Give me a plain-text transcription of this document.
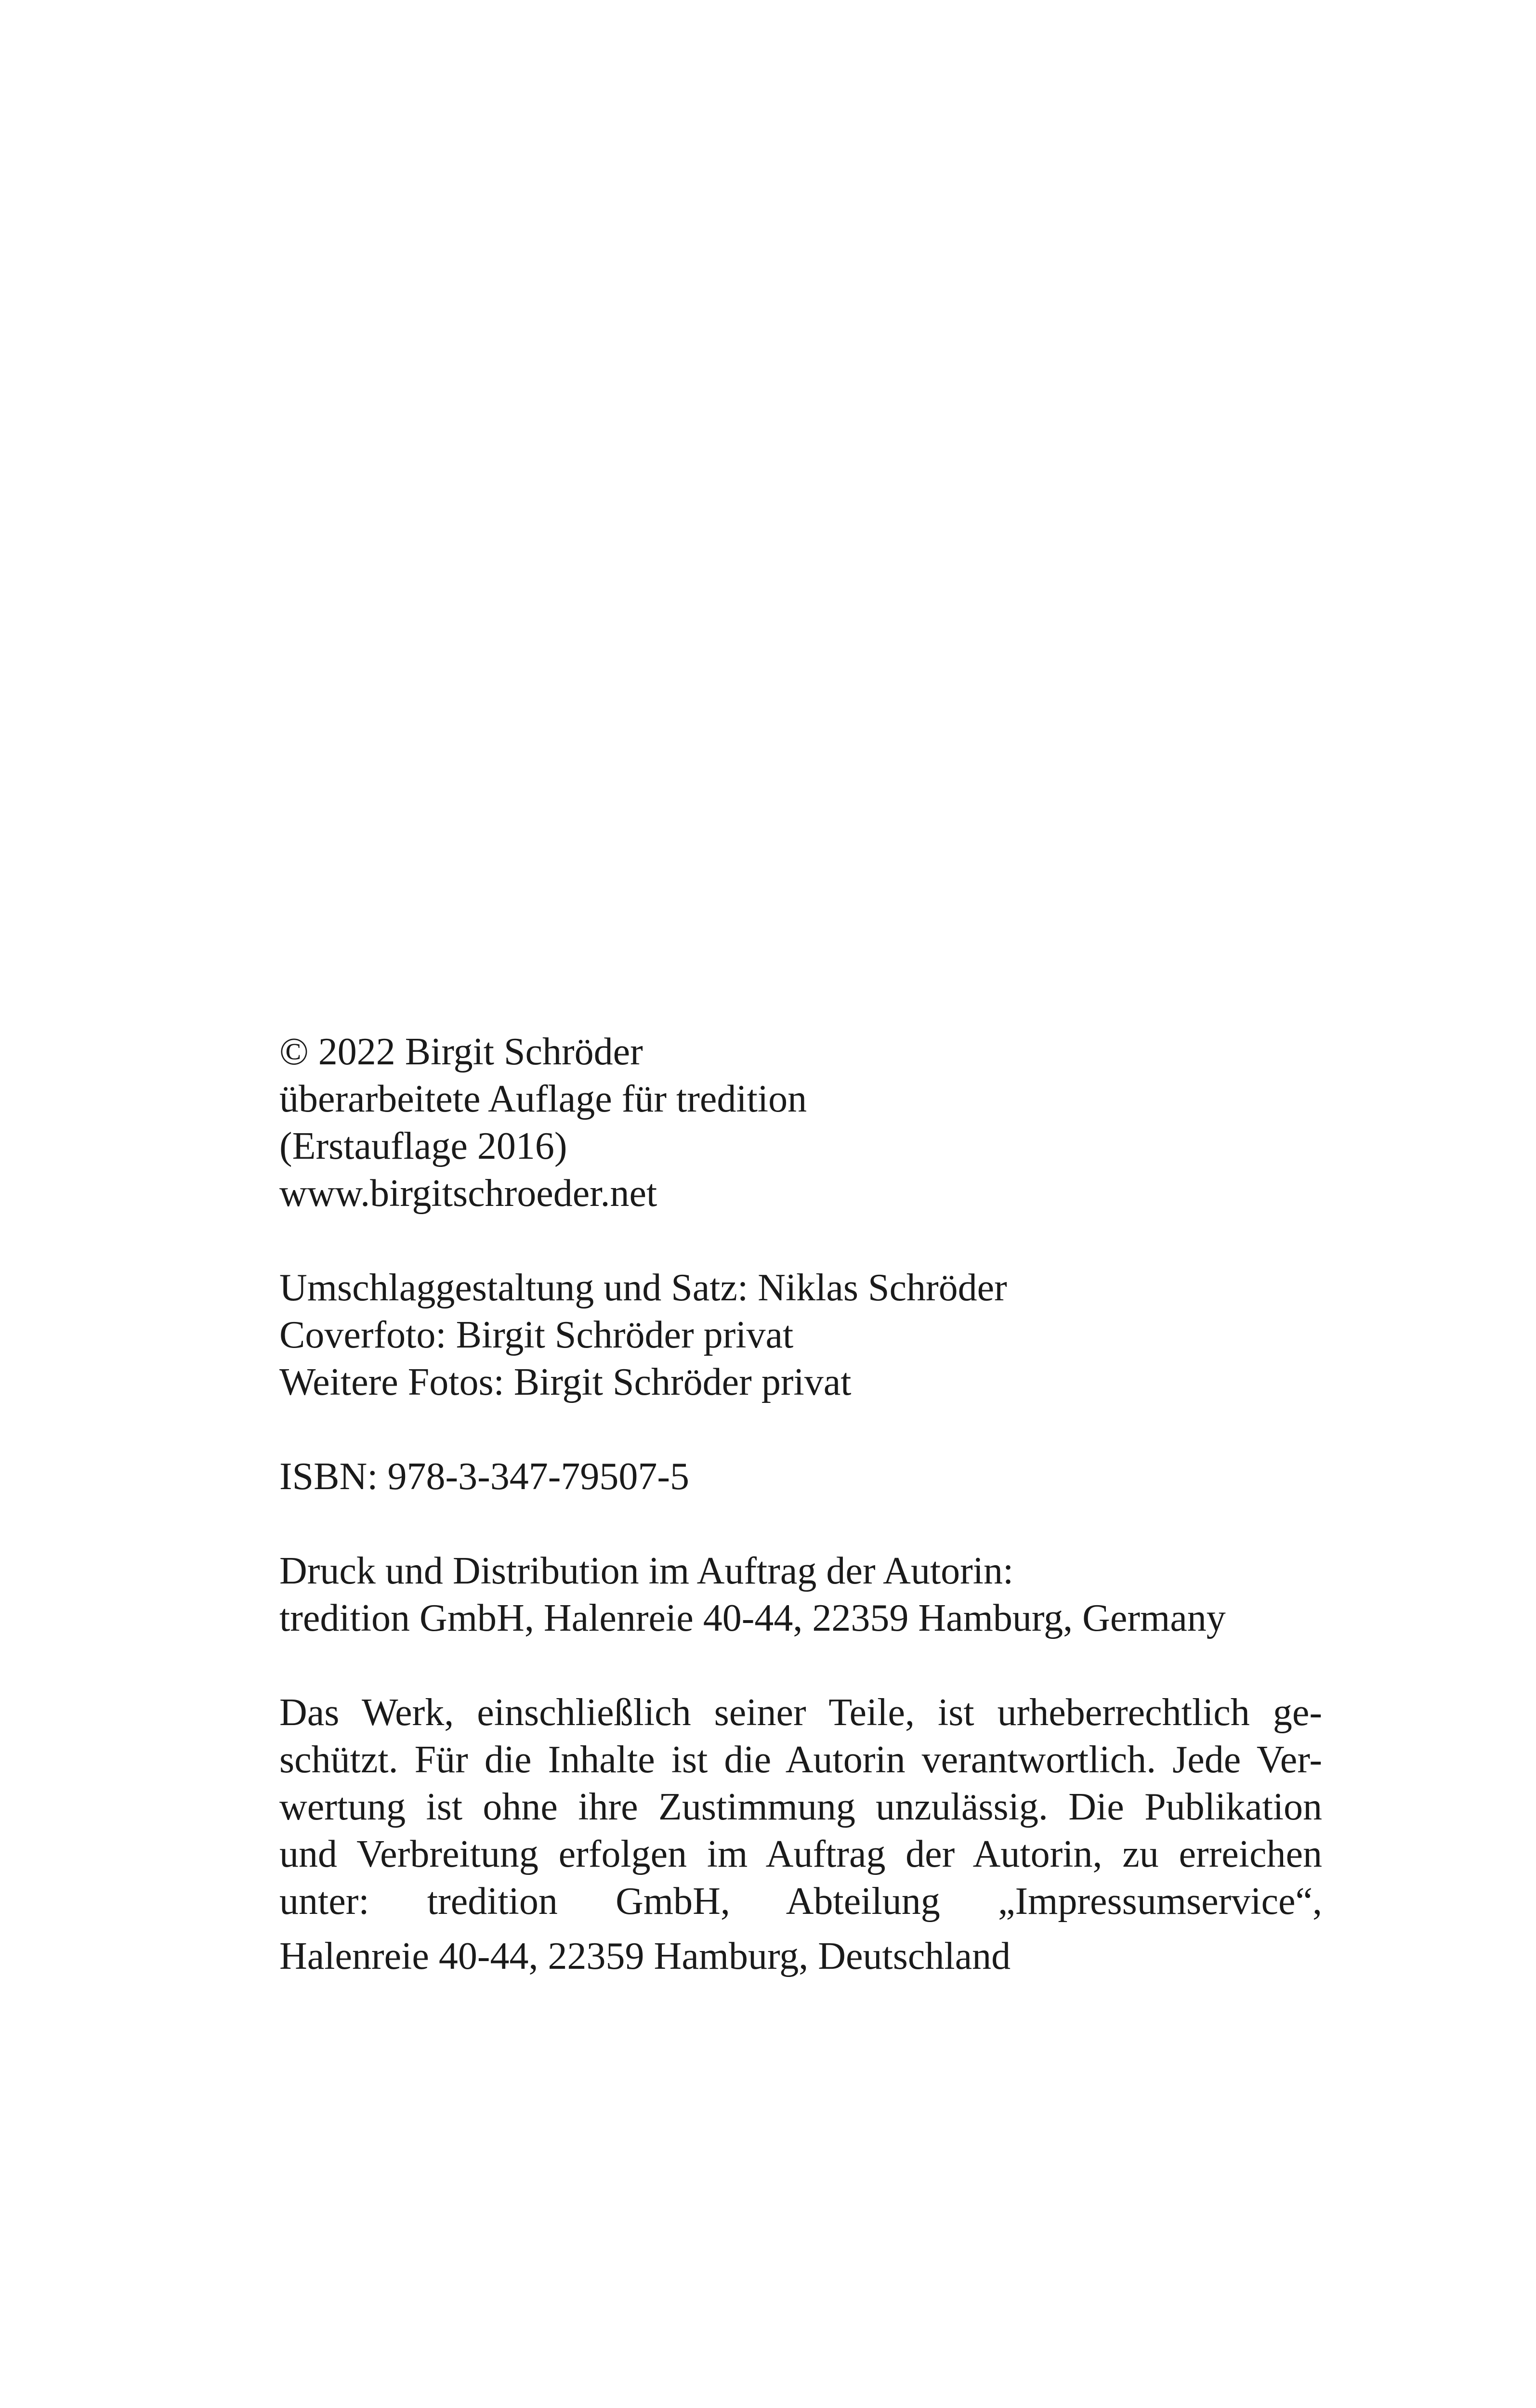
© 2022 Birgit Schröder
überarbeitete Auflage für tredition
(Erstauflage 2016)
www.birgitschroeder.net
Umschlaggestaltung und Satz: Niklas Schröder
Coverfoto: Birgit Schröder privat
Weitere Fotos: Birgit Schröder privat
ISBN: 978-3-347-79507-5
Druck und Distribution im Auftrag der Autorin:
tredition GmbH, Halenreie 40-44, 22359 Hamburg, Germany
Das Werk, einschließlich seiner Teile, ist urheberrechtlich ge-
schützt. Für die Inhalte ist die Autorin verantwortlich. Jede Ver-
wertung ist ohne ihre Zustimmung unzulässig. Die Publikation
und Verbreitung erfolgen im Auftrag der Autorin, zu erreichen
unter: tredition GmbH, Abteilung „Impressumservice“,
Halenreie 40-44, 22359 Hamburg, Deutschland
